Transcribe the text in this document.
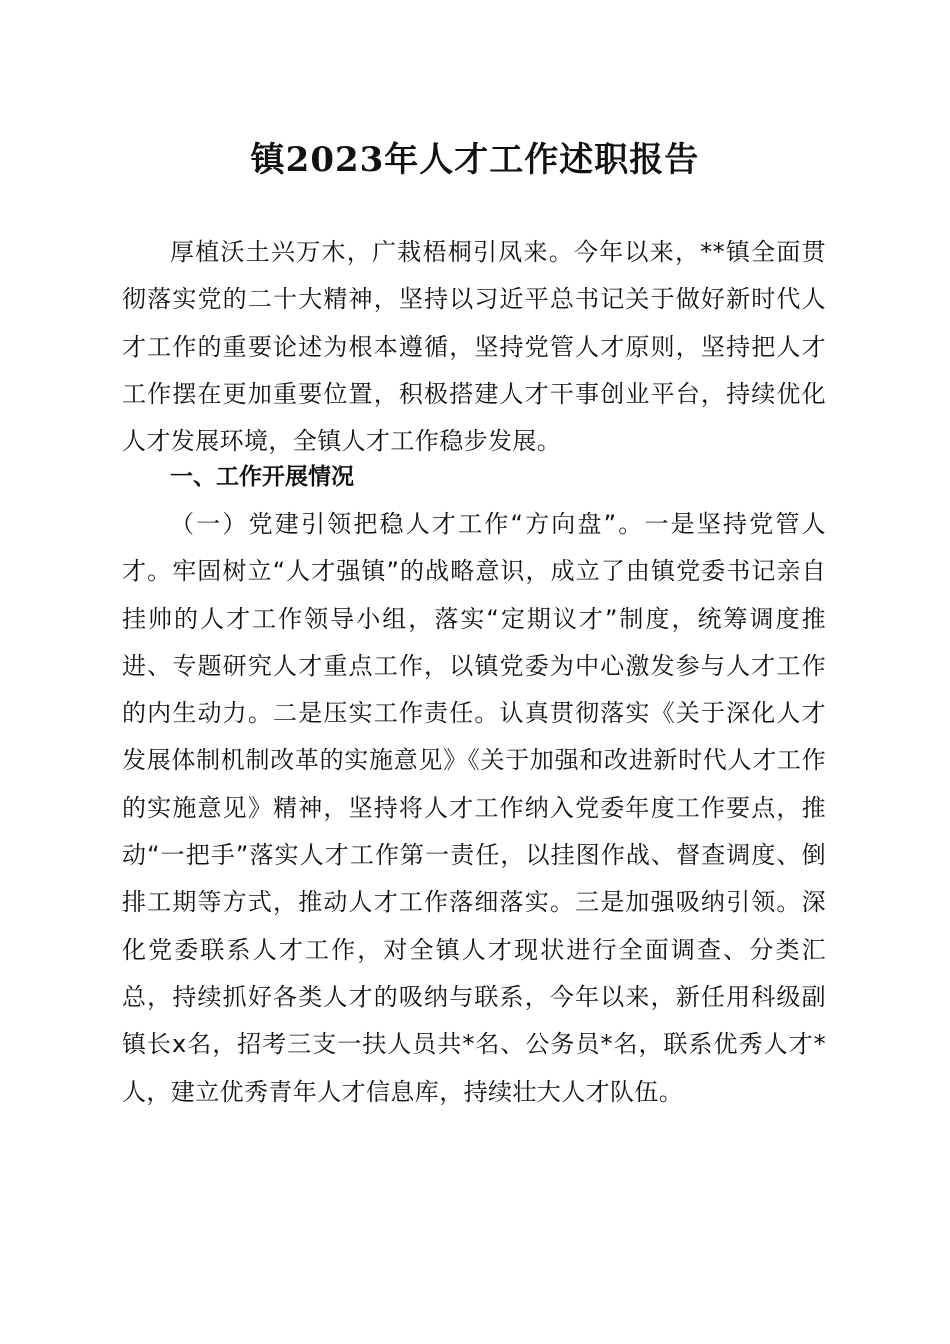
镇2023年人才工作述职报告
厚植沃土兴万木，广栽梧桐引凤来。今年以来，**镇全面贯彻落实党的二十大精神，坚持以习近平总书记关于做好新时代人才工作的重要论述为根本遵循，坚持党管人才原则，坚持把人才工作摆在更加重要位置，积极搭建人才干事创业平台，持续优化人才发展环境，全镇人才工作稳步发展。
一、工作开展情况
（一）党建引领把稳人才工作“方向盘”。一是坚持党管人才。牢固树立“人才强镇”的战略意识，成立了由镇党委书记亲自挂帅的人才工作领导小组，落实“定期议才”制度，统筹调度推进、专题研究人才重点工作，以镇党委为中心激发参与人才工作的内生动力。二是压实工作责任。认真贯彻落实《关于深化人才发展体制机制改革的实施意见》《关于加强和改进新时代人才工作的实施意见》精神，坚持将人才工作纳入党委年度工作要点，推动“一把手”落实人才工作第一责任，以挂图作战、督查调度、倒排工期等方式，推动人才工作落细落实。三是加强吸纳引领。深化党委联系人才工作，对全镇人才现状进行全面调查、分类汇总，持续抓好各类人才的吸纳与联系，今年以来，新任用科级副镇长x名，招考三支一扶人员共*名、公务员*名，联系优秀人才*人，建立优秀青年人才信息库，持续壮大人才队伍。
